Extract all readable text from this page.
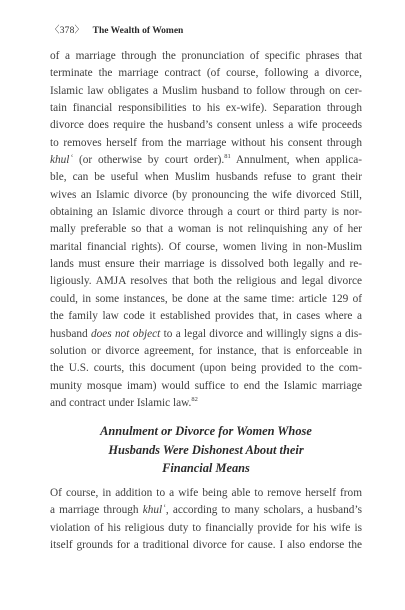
〈378〉 The Wealth of Women
of a marriage through the pronunciation of specific phrases that
terminate the marriage contract (of course, following a divorce,
Islamic law obligates a Muslim husband to follow through on cer-
tain financial responsibilities to his ex-wife). Separation through
divorce does require the husband’s consent unless a wife proceeds
to removes herself from the marriage without his consent through
khulʿ (or otherwise by court order).$^{81}$ Annulment, when applica-
ble, can be useful when Muslim husbands refuse to grant their
wives an Islamic divorce (by pronouncing the wife divorced Still,
obtaining an Islamic divorce through a court or third party is nor-
mally preferable so that a woman is not relinquishing any of her
marital financial rights). Of course, women living in non-Muslim
lands must ensure their marriage is dissolved both legally and re-
ligiously. AMJA resolves that both the religious and legal divorce
could, in some instances, be done at the same time: article 129 of
the family law code it established provides that, in cases where a
husband does not object to a legal divorce and willingly signs a dis-
solution or divorce agreement, for instance, that is enforceable in
the U.S. courts, this document (upon being provided to the com-
munity mosque imam) would suffice to end the Islamic marriage
and contract under Islamic law.$^{82}$
Annulment or Divorce for Women Whose
Husbands Were Dishonest About their
Financial Means
Of course, in addition to a wife being able to remove herself from
a marriage through khulʿ, according to many scholars, a husband’s
violation of his religious duty to financially provide for his wife is
itself grounds for a traditional divorce for cause. I also endorse the
